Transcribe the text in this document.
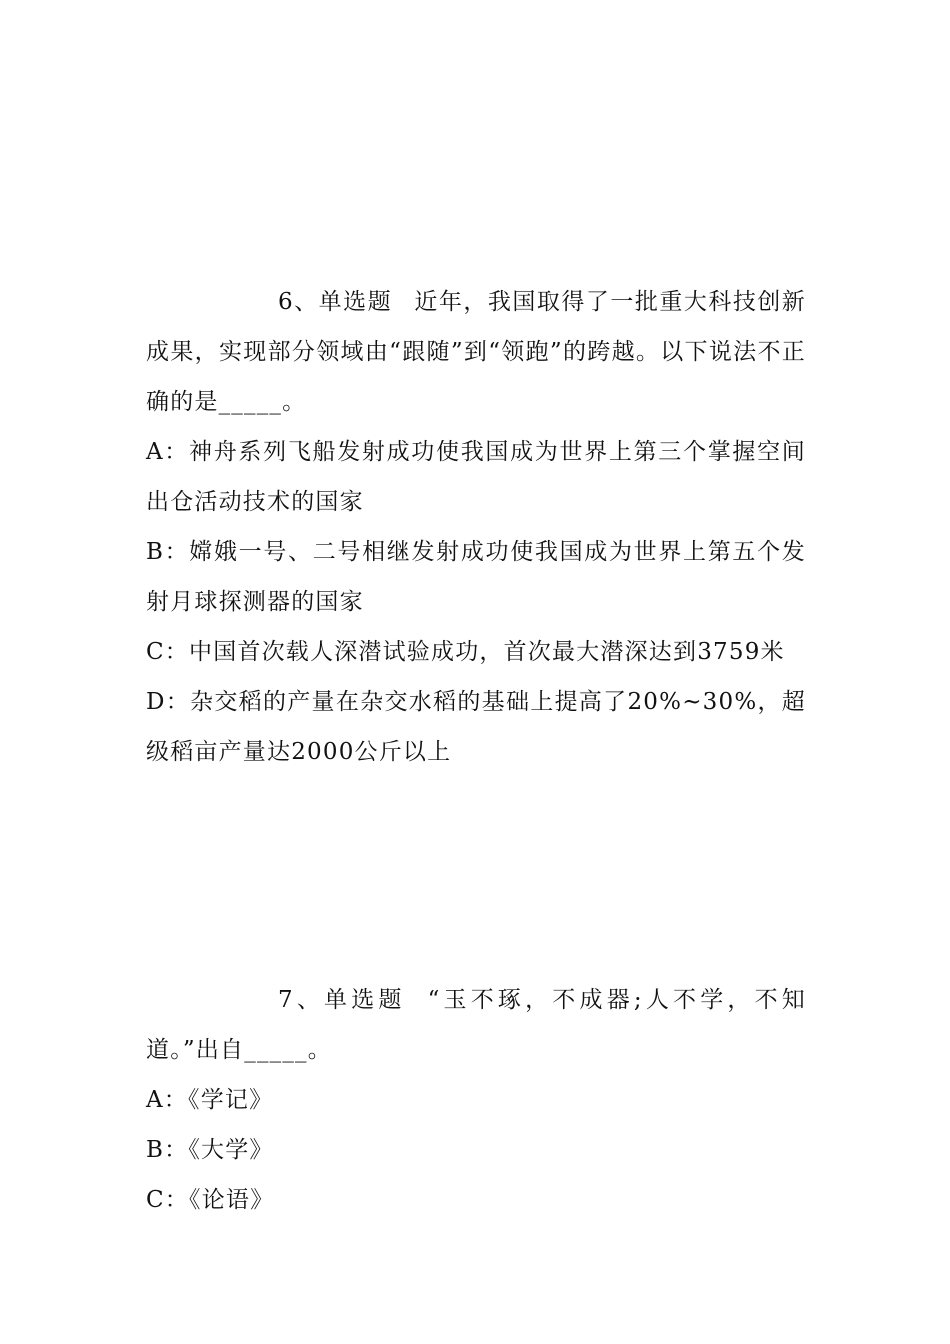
6、单选题 近年，我国取得了一批重大科技创新成果，实现部分领域由“跟随”到“领跑”的跨越。以下说法不正确的是_____。

A：神舟系列飞船发射成功使我国成为世界上第三个掌握空间出仓活动技术的国家

B：嫦娥一号、二号相继发射成功使我国成为世界上第五个发射月球探测器的国家

C：中国首次载人深潜试验成功，首次最大潜深达到3759米

D：杂交稻的产量在杂交水稻的基础上提高了20%~30%，超级稻亩产量达2000公斤以上

7、单选题 “玉不琢，不成器;人不学，不知道。”出自_____。

A：《学记》

B：《大学》

C：《论语》
